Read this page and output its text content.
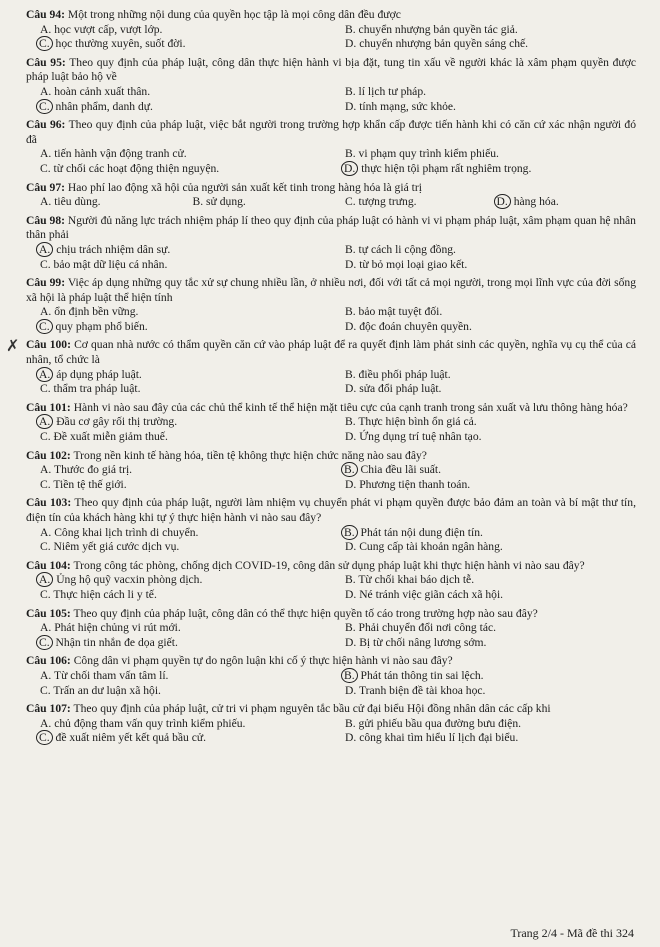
Câu 94: Một trong những nội dung của quyền học tập là mọi công dân đều được
A. học vượt cấp, vượt lớp.	B. chuyển nhượng bản quyền tác giả.
C. học thường xuyên, suốt đời.	D. chuyển nhượng bản quyền sáng chế.
Câu 95: Theo quy định của pháp luật, công dân thực hiện hành vi bịa đặt, tung tin xấu về người khác là xâm phạm quyền được pháp luật bảo hộ về
A. hoàn cảnh xuất thân.	B. lí lịch tư pháp.
C. nhân phẩm, danh dự.	D. tính mạng, sức khỏe.
Câu 96: Theo quy định của pháp luật, việc bắt người trong trường hợp khẩn cấp được tiến hành khi có căn cứ xác nhận người đó đã
A. tiến hành vận động tranh cử.	B. vi phạm quy trình kiểm phiếu.
C. từ chối các hoạt động thiện nguyện.	D. thực hiện tội phạm rất nghiêm trọng.
Câu 97: Hao phí lao động xã hội của người sản xuất kết tinh trong hàng hóa là giá trị
A. tiêu dùng.	B. sử dụng.	C. tượng trưng.	D. hàng hóa.
Câu 98: Người đủ năng lực trách nhiệm pháp lí theo quy định của pháp luật có hành vi vi phạm pháp luật, xâm phạm quan hệ nhân thân phải
A. chịu trách nhiệm dân sự.	B. tự cách li cộng đồng.
C. bảo mật dữ liệu cá nhân.	D. từ bỏ mọi loại giao kết.
Câu 99: Việc áp dụng những quy tắc xử sự chung nhiều lần, ở nhiều nơi, đối với tất cả mọi người, trong mọi lĩnh vực của đời sống xã hội là pháp luật thể hiện tính
A. ổn định bền vững.	B. bảo mật tuyệt đối.
C. quy phạm phổ biến.	D. độc đoán chuyên quyền.
✗ Câu 100: Cơ quan nhà nước có thẩm quyền căn cứ vào pháp luật để ra quyết định làm phát sinh các quyền, nghĩa vụ cụ thể của cá nhân, tổ chức là
A. áp dụng pháp luật.	B. điều phối pháp luật.
C. thẩm tra pháp luật.	D. sửa đổi pháp luật.
Câu 101: Hành vi nào sau đây của các chủ thể kinh tế thể hiện mặt tiêu cực của cạnh tranh trong sản xuất và lưu thông hàng hóa?
A. Đầu cơ gây rối thị trường.	B. Thực hiện bình ổn giá cả.
C. Đề xuất miễn giảm thuế.	D. Ứng dụng trí tuệ nhân tạo.
Câu 102: Trong nền kinh tế hàng hóa, tiền tệ không thực hiện chức năng nào sau đây?
A. Thước đo giá trị.	B. Chia đều lãi suất.
C. Tiền tệ thế giới.	D. Phương tiện thanh toán.
Câu 103: Theo quy định của pháp luật, người làm nhiệm vụ chuyển phát vi phạm quyền được bảo đảm an toàn và bí mật thư tín, điện tín của khách hàng khi tự ý thực hiện hành vi nào sau đây?
A. Công khai lịch trình di chuyển.	B. Phát tán nội dung điện tín.
C. Niêm yết giá cước dịch vụ.	D. Cung cấp tài khoản ngân hàng.
Câu 104: Trong công tác phòng, chống dịch COVID-19, công dân sử dụng pháp luật khi thực hiện hành vi nào sau đây?
A. Ủng hộ quỹ vacxin phòng dịch.	B. Từ chối khai báo dịch tễ.
C. Thực hiện cách li y tế.	D. Né tránh việc giãn cách xã hội.
Câu 105: Theo quy định của pháp luật, công dân có thể thực hiện quyền tố cáo trong trường hợp nào sau đây?
A. Phát hiện chủng vi rút mới.	B. Phải chuyển đổi nơi công tác.
C. Nhận tin nhắn đe dọa giết.	D. Bị từ chối nâng lương sớm.
Câu 106: Công dân vi phạm quyền tự do ngôn luận khi cố ý thực hiện hành vi nào sau đây?
A. Từ chối tham vấn tâm lí.	B. Phát tán thông tin sai lệch.
C. Trấn an dư luận xã hội.	D. Tranh biện đề tài khoa học.
Câu 107: Theo quy định của pháp luật, cử tri vi phạm nguyên tắc bầu cử đại biểu Hội đồng nhân dân các cấp khi
A. chủ động tham vấn quy trình kiểm phiếu.	B. gửi phiếu bầu qua đường bưu điện.
C. đề xuất niêm yết kết quả bầu cử.	D. công khai tìm hiểu lí lịch đại biểu.
Trang 2/4 - Mã đề thi 324
